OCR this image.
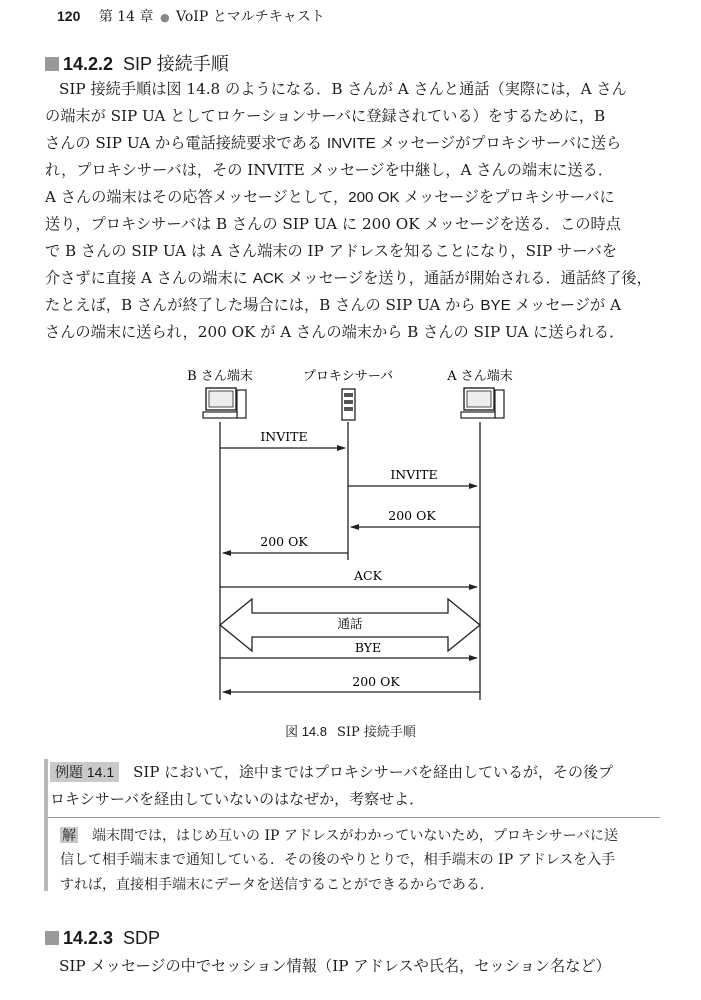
120 第 14 章 ● VoIP とマルチキャスト
14.2.2 SIP 接続手順
SIP 接続手順は図 14.8 のようになる．B さんが A さんと通話（実際には，A さん
の端末が SIP UA としてロケーションサーバに登録されている）をするために，B
さんの SIP UA から電話接続要求である INVITE メッセージがプロキシサーバに送ら
れ，プロキシサーバは，その INVITE メッセージを中継し，A さんの端末に送る．
A さんの端末はその応答メッセージとして，200 OK メッセージをプロキシサーバに
送り，プロキシサーバは B さんの SIP UA に 200 OK メッセージを送る．この時点
で B さんの SIP UA は A さん端末の IP アドレスを知ることになり，SIP サーバを
介さずに直接 A さんの端末に ACK メッセージを送り，通話が開始される．通話終了後，
たとえば，B さんが終了した場合には，B さんの SIP UA から BYE メッセージが A
さんの端末に送られ，200 OK が A さんの端末から B さんの SIP UA に送られる．
B さん端末	プロキシサーバ	A さん端末
INVITE
INVITE
200 OK
200 OK
ACK
通話
BYE
200 OK
図 14.8 SIP 接続手順
例題 14.1 SIP において，途中まではプロキシサーバを経由しているが，その後プ
ロキシサーバを経由していないのはなぜか，考察せよ．
解 端末間では，はじめ互いの IP アドレスがわかっていないため，プロキシサーバに送
信して相手端末まで通知している．その後のやりとりで，相手端末の IP アドレスを入手
すれば，直接相手端末にデータを送信することができるからである．
14.2.3 SDP
SIP メッセージの中でセッション情報（IP アドレスや氏名，セッション名など）
